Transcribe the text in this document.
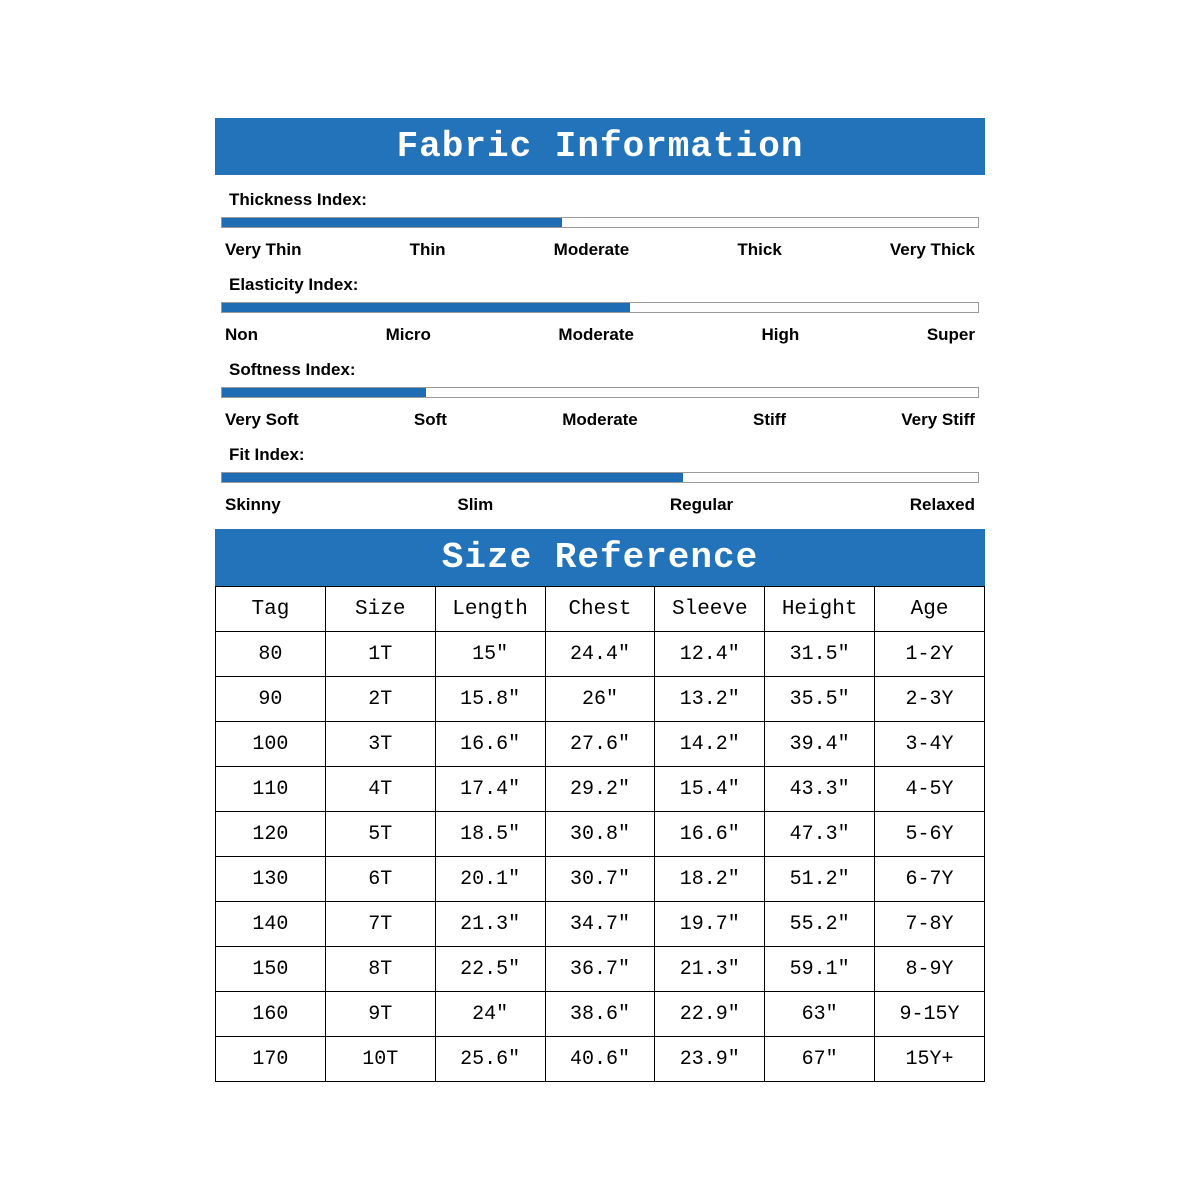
Fabric Information
Thickness Index:
Very Thin	Thin	Moderate	Thick	Very Thick
Elasticity Index:
Non	Micro	Moderate	High	Super
Softness Index:
Very Soft	Soft	Moderate	Stiff	Very Stiff
Fit Index:
Skinny	Slim	Regular	Relaxed
Size Reference
Tag	Size	Length	Chest	Sleeve	Height	Age
80	1T	15″	24.4″	12.4″	31.5″	1-2Y
90	2T	15.8″	26″	13.2″	35.5″	2-3Y
100	3T	16.6″	27.6″	14.2″	39.4″	3-4Y
110	4T	17.4″	29.2″	15.4″	43.3″	4-5Y
120	5T	18.5″	30.8″	16.6″	47.3″	5-6Y
130	6T	20.1″	30.7″	18.2″	51.2″	6-7Y
140	7T	21.3″	34.7″	19.7″	55.2″	7-8Y
150	8T	22.5″	36.7″	21.3″	59.1″	8-9Y
160	9T	24″	38.6″	22.9″	63″	9-15Y
170	10T	25.6″	40.6″	23.9″	67″	15Y+
